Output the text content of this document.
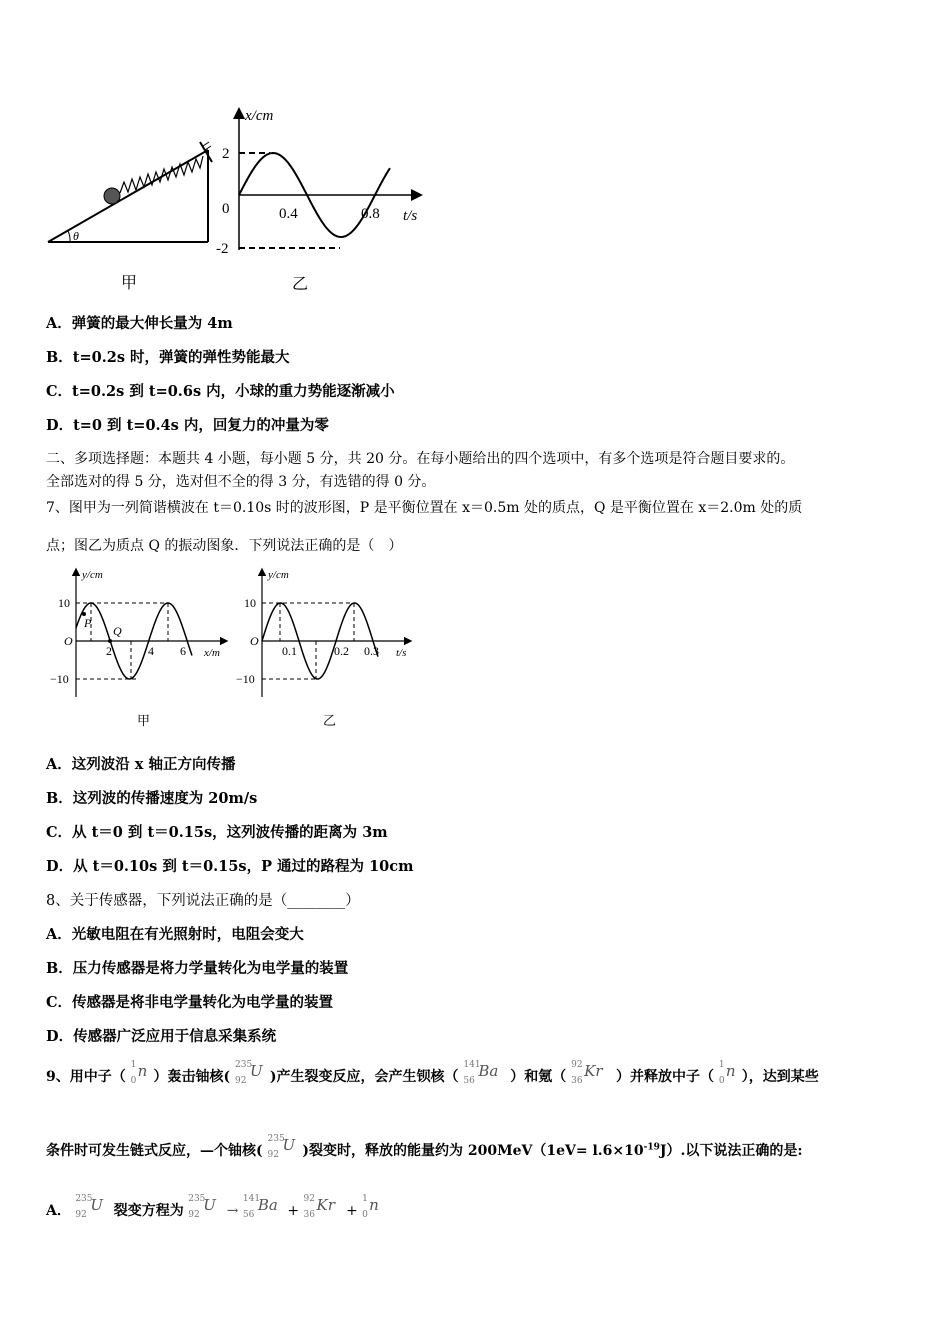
θ
甲
x/cm
t/s
0
2
-2
0.4	0.8
乙
A．弹簧的最大伸长量为 4m
B．t=0.2s 时，弹簧的弹性势能最大
C．t=0.2s 到 t=0.6s 内，小球的重力势能逐渐减小
D．t=0 到 t=0.4s 内，回复力的冲量为零
二、多项选择题：本题共 4 小题，每小题 5 分，共 20 分。在每小题给出的四个选项中，有多个选项是符合题目要求的。
全部选对的得 5 分，选对但不全的得 3 分，有选错的得 0 分。
7、图甲为一列简谐横波在 t＝0.10s 时的波形图，P 是平衡位置在 x＝0.5m 处的质点，Q 是平衡位置在 x＝2.0m 处的质
点；图乙为质点 Q 的振动图象．下列说法正确的是（　）
y/cm
x/m
O
10
−10
2	4 6
P
Q
甲
y/cm
t/s
O
10
−10
0.1	0.2 0.3
乙
A．这列波沿 x 轴正方向传播
B．这列波的传播速度为 20m/s
C．从 t＝0 到 t＝0.15s，这列波传播的距离为 3m
D．从 t＝0.10s 到 t＝0.15s，P 通过的路程为 10cm
8、关于传感器，下列说法正确的是（________）
A．光敏电阻在有光照射时，电阻会变大
B．压力传感器是将力学量转化为电学量的装置
C．传感器是将非电学量转化为电学量的装置
D．传感器广泛应用于信息采集系统
9、用中子（
1
0
n ）轰击铀核(
235
92
U )产生裂变反应，会产生钡核（
141
56
Ba ）和氪（
92
36
Kr ）并释放中子（
1
0
n ），达到某些
条件时可发生链式反应，—个铀核(
235
92
U )裂变时，释放的能量约为 $200MeV(1eV= l.6\times 10^{-19}J)$.以下说法正确的是:
A．
235
92
U 裂变方程为
235
92
U →
141
56
Ba +
92
36
Kr +
1
0
n
